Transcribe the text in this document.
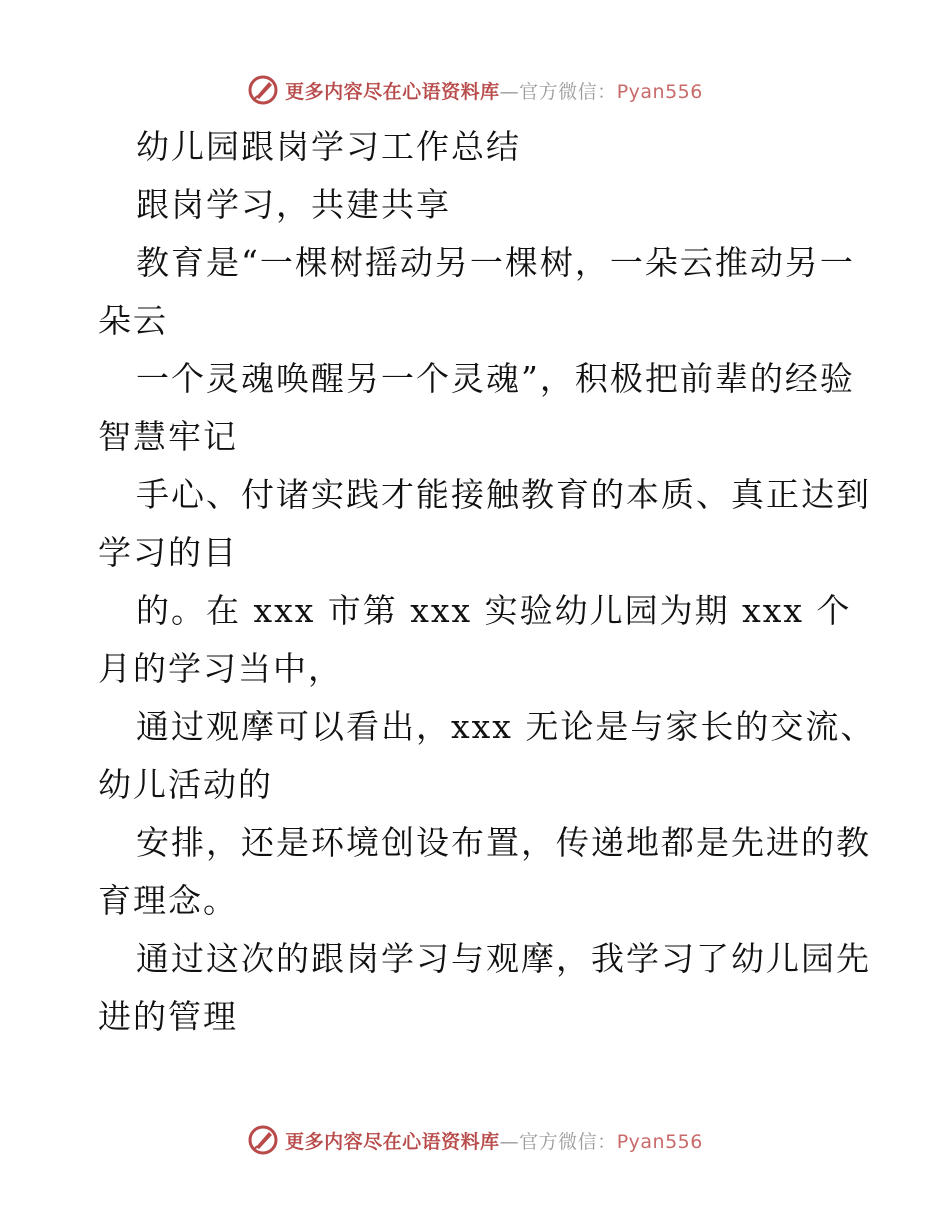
更多内容尽在心语资料库—官方微信：Pyan556
幼儿园跟岗学习工作总结
跟岗学习，共建共享
教育是“一棵树摇动另一棵树，一朵云推动另一
朵云
一个灵魂唤醒另一个灵魂”，积极把前辈的经验
智慧牢记
手心、付诸实践才能接触教育的本质、真正达到
学习的目
的。在 xxx 市第 xxx 实验幼儿园为期 xxx 个
月的学习当中，
通过观摩可以看出，xxx 无论是与家长的交流、
幼儿活动的
安排，还是环境创设布置，传递地都是先进的教
育理念。
通过这次的跟岗学习与观摩，我学习了幼儿园先
进的管理
更多内容尽在心语资料库—官方微信：Pyan556
